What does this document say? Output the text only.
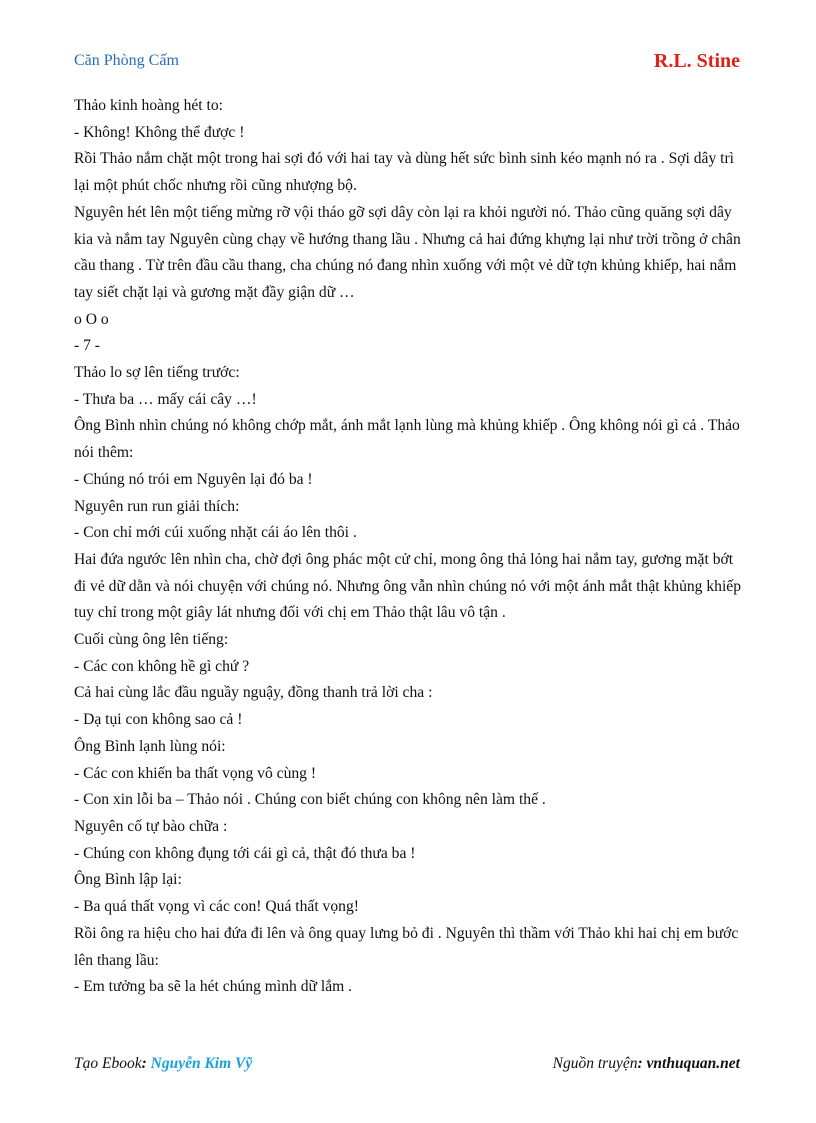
Căn Phòng Cấm	R.L. Stine

Thảo kinh hoàng hét to:

- Không! Không thể được !

Rồi Thảo nắm chặt một trong hai sợi đó với hai tay và dùng hết sức bình sinh kéo mạnh nó ra . Sợi dây trì lại một phút chốc nhưng rồi cũng nhượng bộ.

Nguyên hét lên một tiếng mừng rỡ vội tháo gỡ sợi dây còn lại ra khỏi người nó. Thảo cũng quăng sợi dây kia và nắm tay Nguyên cùng chạy về hướng thang lầu . Nhưng cả hai đứng khựng lại như trời trồng ở chân cầu thang . Từ trên đầu cầu thang, cha chúng nó đang nhìn xuống với một vẻ dữ tợn khủng khiếp, hai nắm tay siết chặt lại và gương mặt đầy giận dữ …

o O o

- 7 -

Thảo lo sợ lên tiếng trước:

- Thưa ba … mấy cái cây …!

Ông Bình nhìn chúng nó không chớp mắt, ánh mắt lạnh lùng mà khủng khiếp . Ông không nói gì cả . Thảo nói thêm:

- Chúng nó trói em Nguyên lại đó ba !

Nguyên run run giải thích:

- Con chỉ mới cúi xuống nhặt cái áo lên thôi .

Hai đứa ngước lên nhìn cha, chờ đợi ông phác một cử chỉ, mong ông thả lỏng hai nắm tay, gương mặt bớt đi vẻ dữ dằn và nói chuyện với chúng nó. Nhưng ông vẫn nhìn chúng nó với một ánh mắt thật khủng khiếp tuy chỉ trong một giây lát nhưng đối với chị em Thảo thật lâu vô tận .

Cuối cùng ông lên tiếng:

- Các con không hề gì chứ ?

Cả hai cùng lắc đầu nguầy nguậy, đồng thanh trả lời cha :

- Dạ tụi con không sao cả !

Ông Bình lạnh lùng nói:

- Các con khiến ba thất vọng vô cùng !

- Con xin lỗi ba – Thảo nói . Chúng con biết chúng con không nên làm thế .

Nguyên cố tự bào chữa :

- Chúng con không đụng tới cái gì cả, thật đó thưa ba !

Ông Bình lập lại:

- Ba quá thất vọng vì các con! Quá thất vọng!

Rồi ông ra hiệu cho hai đứa đi lên và ông quay lưng bỏ đi . Nguyên thì thầm với Thảo khi hai chị em bước lên thang lầu:

- Em tưởng ba sẽ la hét chúng mình dữ lắm .

Tạo Ebook: Nguyễn Kim Vỹ	Nguồn truyện: vnthuquan.net
